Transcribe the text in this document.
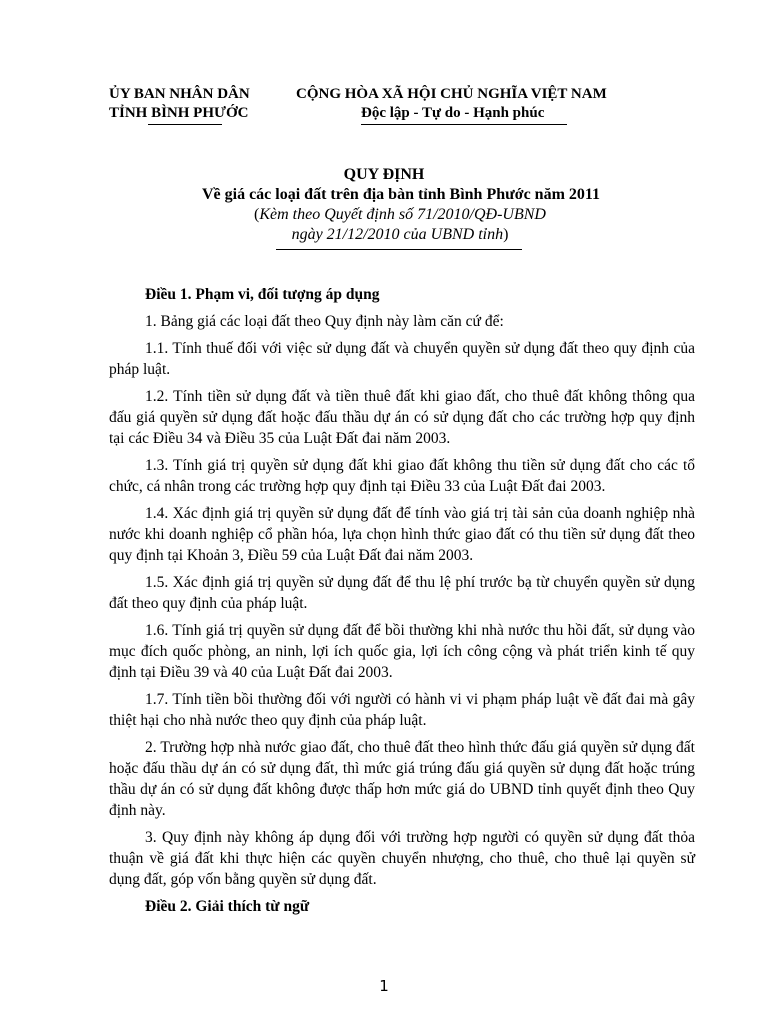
ỦY BAN NHÂN DÂN
TỈNH BÌNH PHƯỚC
CỘNG HÒA XÃ HỘI CHỦ NGHĨA VIỆT NAM
Độc lập - Tự do - Hạnh phúc
QUY ĐỊNH
Về giá các loại đất trên địa bàn tỉnh Bình Phước năm 2011
(Kèm theo Quyết định số 71/2010/QĐ-UBND
ngày 21/12/2010 của UBND tỉnh)

Điều 1. Phạm vi, đối tượng áp dụng

1. Bảng giá các loại đất theo Quy định này làm căn cứ để:

1.1. Tính thuế đối với việc sử dụng đất và chuyển quyền sử dụng đất theo quy định của pháp luật.

1.2. Tính tiền sử dụng đất và tiền thuê đất khi giao đất, cho thuê đất không thông qua đấu giá quyền sử dụng đất hoặc đấu thầu dự án có sử dụng đất cho các trường hợp quy định tại các Điều 34 và Điều 35 của Luật Đất đai năm 2003.

1.3. Tính giá trị quyền sử dụng đất khi giao đất không thu tiền sử dụng đất cho các tổ chức, cá nhân trong các trường hợp quy định tại Điều 33 của Luật Đất đai 2003.

1.4. Xác định giá trị quyền sử dụng đất để tính vào giá trị tài sản của doanh nghiệp nhà nước khi doanh nghiệp cổ phần hóa, lựa chọn hình thức giao đất có thu tiền sử dụng đất theo quy định tại Khoản 3, Điều 59 của Luật Đất đai năm 2003.

1.5. Xác định giá trị quyền sử dụng đất để thu lệ phí trước bạ từ chuyển quyền sử dụng đất theo quy định của pháp luật.

1.6. Tính giá trị quyền sử dụng đất để bồi thường khi nhà nước thu hồi đất, sử dụng vào mục đích quốc phòng, an ninh, lợi ích quốc gia, lợi ích công cộng và phát triển kinh tế quy định tại Điều 39 và 40 của Luật Đất đai 2003.

1.7. Tính tiền bồi thường đối với người có hành vi vi phạm pháp luật về đất đai mà gây thiệt hại cho nhà nước theo quy định của pháp luật.

2. Trường hợp nhà nước giao đất, cho thuê đất theo hình thức đấu giá quyền sử dụng đất hoặc đấu thầu dự án có sử dụng đất, thì mức giá trúng đấu giá quyền sử dụng đất hoặc trúng thầu dự án có sử dụng đất không được thấp hơn mức giá do UBND tỉnh quyết định theo Quy định này.

3. Quy định này không áp dụng đối với trường hợp người có quyền sử dụng đất thỏa thuận về giá đất khi thực hiện các quyền chuyển nhượng, cho thuê, cho thuê lại quyền sử dụng đất, góp vốn bằng quyền sử dụng đất.

Điều 2. Giải thích từ ngữ

1
